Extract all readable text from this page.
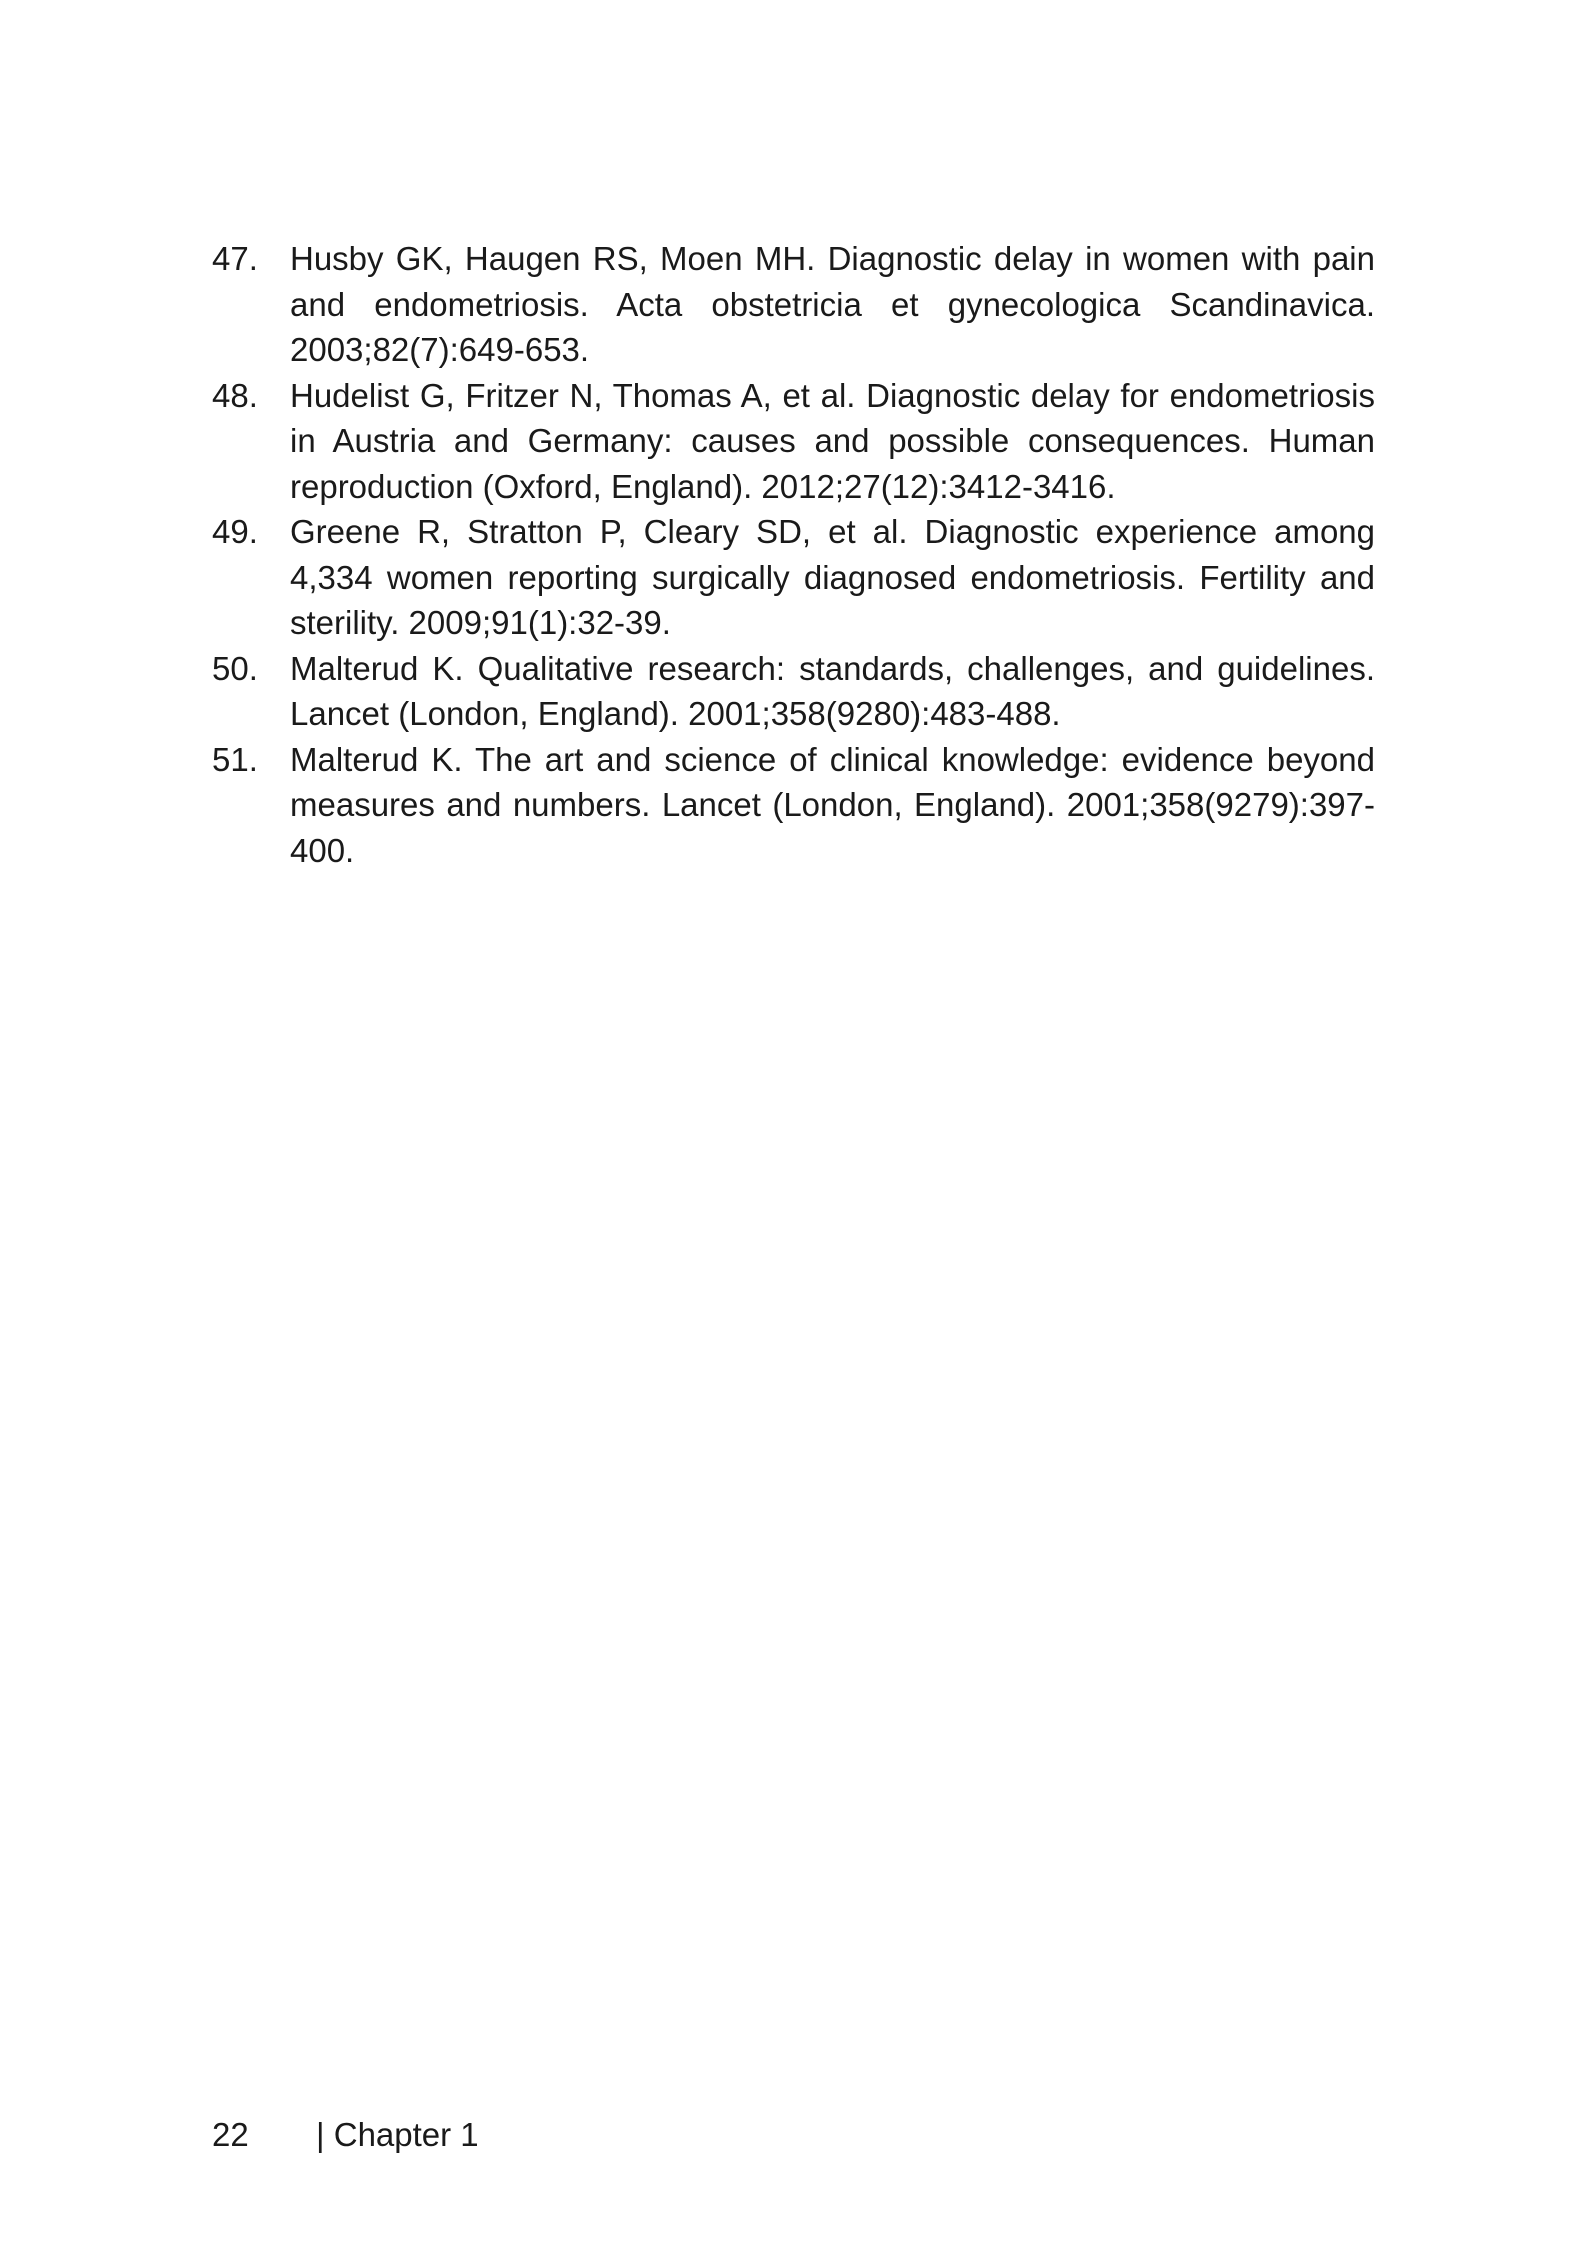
47. Husby GK, Haugen RS, Moen MH. Diagnostic delay in women with pain and endometriosis. Acta obstetricia et gynecologica Scandinavica. 2003;82(7):649-653.
48. Hudelist G, Fritzer N, Thomas A, et al. Diagnostic delay for endometriosis in Austria and Germany: causes and possible consequences. Human reproduction (Oxford, England). 2012;27(12):3412-3416.
49. Greene R, Stratton P, Cleary SD, et al. Diagnostic experience among 4,334 women reporting surgically diagnosed endometriosis. Fertility and sterility. 2009;91(1):32-39.
50. Malterud K. Qualitative research: standards, challenges, and guidelines. Lancet (London, England). 2001;358(9280):483-488.
51. Malterud K. The art and science of clinical knowledge: evidence beyond measures and numbers. Lancet (London, England). 2001;358(9279):397-400.
22	| Chapter 1
